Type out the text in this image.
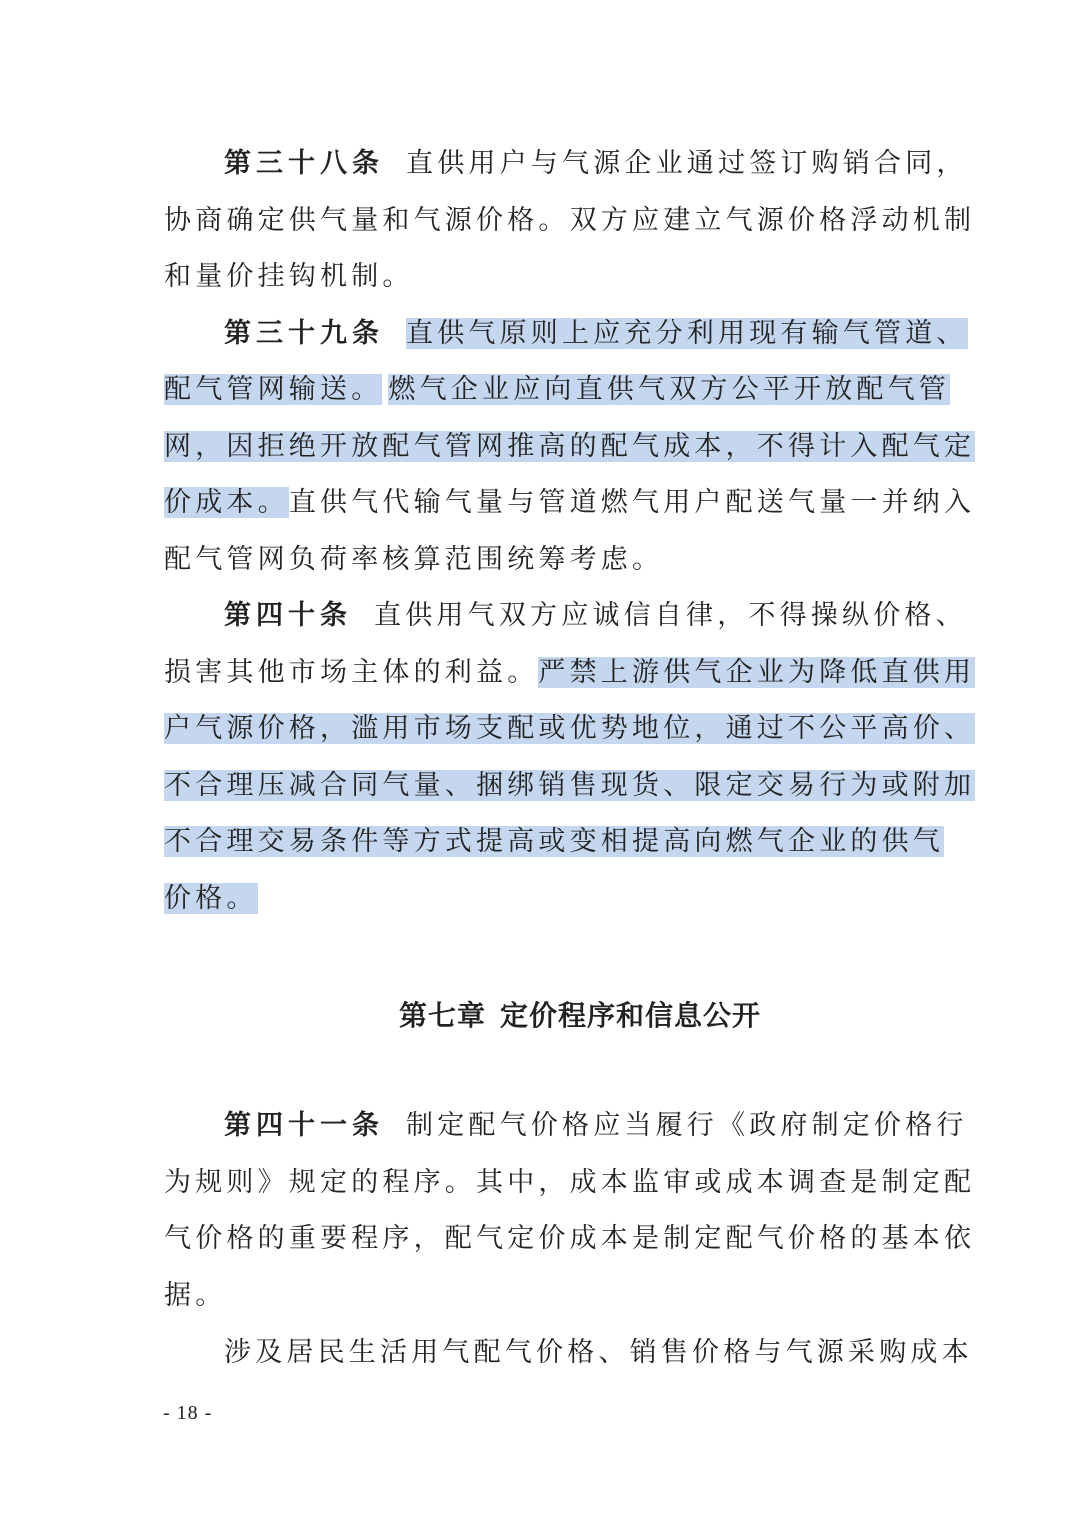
第三十八条 直供用户与气源企业通过签订购销合同，
协商确定供气量和气源价格。双方应建立气源价格浮动机制
和量价挂钩机制。
第三十九条 直供气原则上应充分利用现有输气管道、
配气管网输送。 燃气企业应向直供气双方公平开放配气管
网，因拒绝开放配气管网推高的配气成本，不得计入配气定
价成本。直供气代输气量与管道燃气用户配送气量一并纳入
配气管网负荷率核算范围统筹考虑。
第四十条 直供用气双方应诚信自律，不得操纵价格、
损害其他市场主体的利益。严禁上游供气企业为降低直供用
户气源价格，滥用市场支配或优势地位，通过不公平高价、
不合理压减合同气量、捆绑销售现货、限定交易行为或附加
不合理交易条件等方式提高或变相提高向燃气企业的供气
价格。
第七章 定价程序和信息公开
第四十一条 制定配气价格应当履行《政府制定价格行
为规则》规定的程序。其中，成本监审或成本调查是制定配
气价格的重要程序，配气定价成本是制定配气价格的基本依
据。
涉及居民生活用气配气价格、销售价格与气源采购成本
- 18 -
